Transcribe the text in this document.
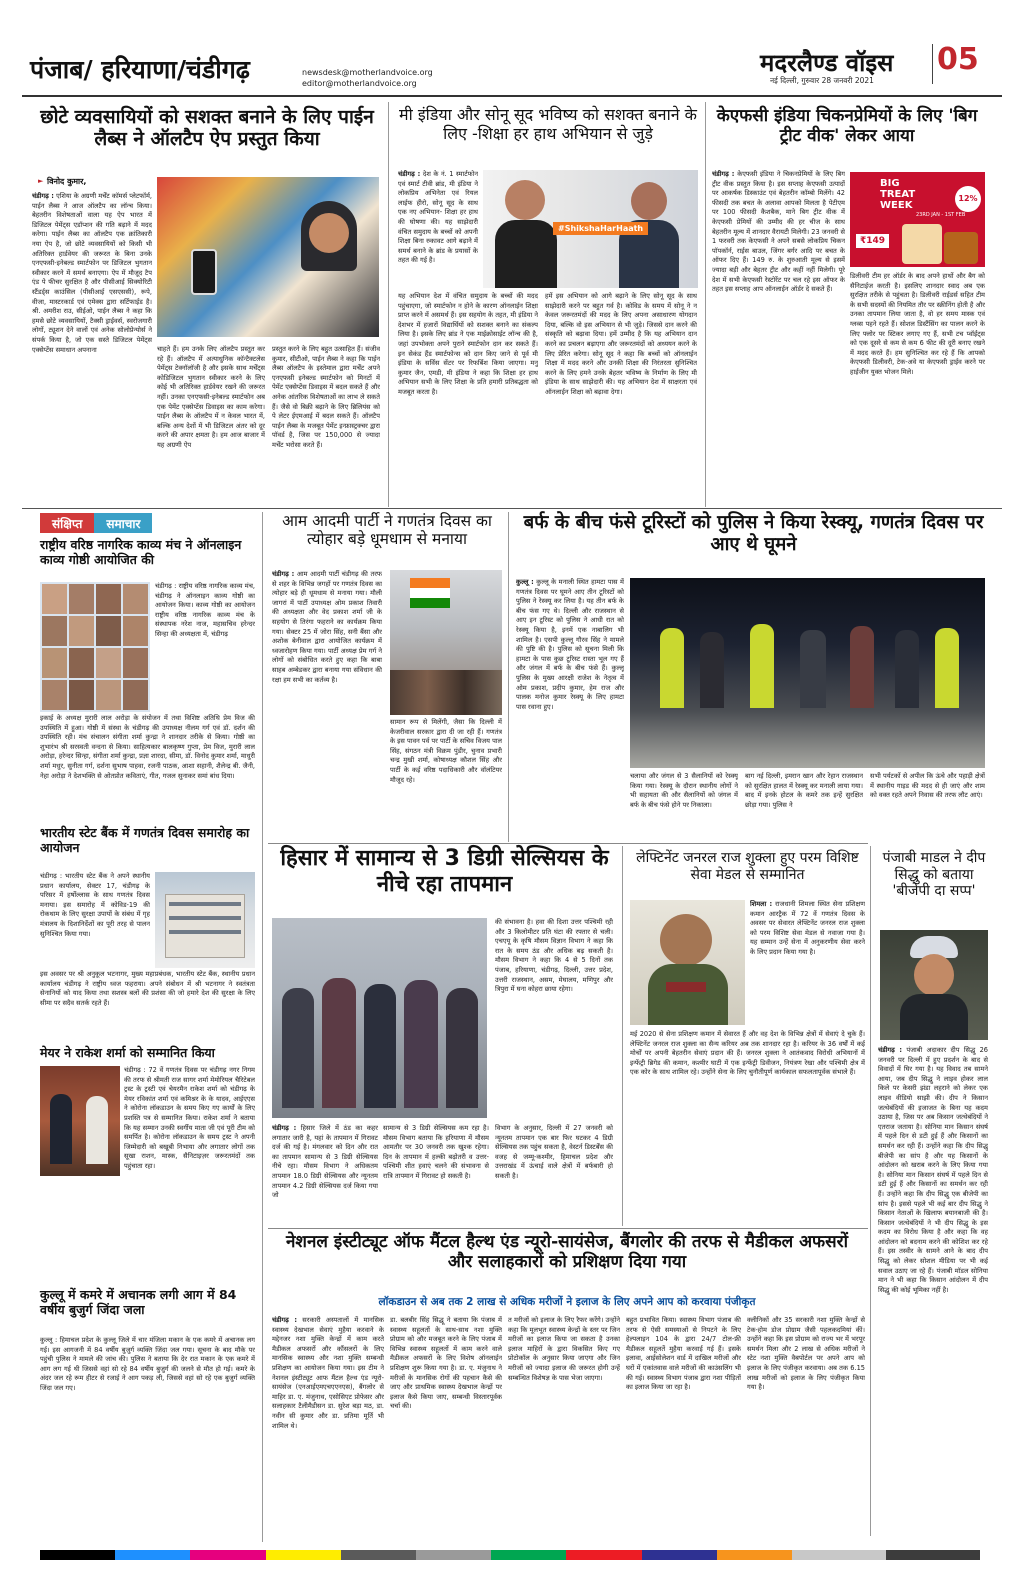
पंजाब/ हरियाणा/चंडीगढ़	newsdesk@motherlandvoice.org
editor@motherlandvoice.org
मदरलैण्ड वॉइस 05
नई दिल्ली, गुरुवार 28 जनवरी 2021
छोटे व्यवसायियों को सशक्त बनाने के लिए पाईन लैब्स ने ऑलटैप ऐप प्रस्तुत किया
► विनोद कुमार,
चंडीगढ़ : एशिया के अग्रणी मर्चेंट कॉमर्स प्लेटफॉर्म, पाईन लैब्स ने आज ऑलटैप का लॉन्च किया। बेहतरीन विशेषताओं वाला यह ऐप भारत में डिजिटल पेमेंट्स एडॉप्शन की गति बढ़ाने में मदद करेगा। पाईन लैब्स का ऑलटैप एक क्रांतिकारी नया ऐप है, जो छोटे व्यवसायियों को किसी भी अतिरिक्त हार्डवेयर की जरूरत के बिना उनके एनएफसी-इनेबल्ड स्मार्टफोन पर डिजिटल भुगतान स्वीकार करने में समर्थ बनाएगा। ऐप में मौजूद टैप एंड पे फीचर सुरक्षित है और पीसीआई सिक्योरिटी स्टैंडर्ड्स काउंसिल (पीसीआई एसएससी), रूपे, वीजा, मास्टरकार्ड एवं एमेक्स द्वारा सर्टिफाईड है। श्री. अमरीश राउ, सीईओ, पाईन लैब्स ने कहा कि हमसे छोटे व्यवसायियों, टैक्सी ड्राईवर्स, स्वरोजगारी लोगों, ट्यूशन देने वालों एवं अनेक सोलोप्रेन्योर्स ने संपर्क किया है, जो एक सस्ते डिजिटल पेमेंट्स एक्सेप्टेंस समाधान अपनाना	चाहते हैं। हम उनके लिए ऑलटैप प्रस्तुत कर रहे हैं। ऑलटैप में अत्याधुनिक कॉन्टैक्टलेस पेमेंट्स टेक्नॉलॉजी है और इसके साथ मर्चेंट्स कोडिजिटल भुगतान स्वीकार करने के लिए कोई भी अतिरिक्त हार्डवेयर रखने की जरूरत नहीं। उनका एनएफसी-इनेबल्ड स्मार्टफोन अब एक पेमेंट एक्सेप्टेंस डिवाइस का काम करेगा। पाईन लैब्स के ऑलटैप में न केवल भारत में, बल्कि अन्य देशों में भी डिजिटल अंतर को दूर करने की अपार क्षमता है। हम आज बाजार में यह अग्रणी ऐप
प्रस्तुत करने के लिए बहुत उत्साहित हैं। संजीव कुमार, सीटीओ, पाईन लैब्स ने कहा कि पाईन लैब्स ऑलटैप के इस्तेमाल द्वारा मर्चेंट अपने एनएफसी इनेबल्ड स्मार्टफोन को मिनटों में पेमेंट एक्सेप्टेंस डिवाइस में बदल सकते हैं और अनेक आंतरिक विशेषताओं का लाभ ले सकते हैं। जैसे वो बिक्री बढ़ाने के लिए ब्रिलियंस को पे लेटर ईएमआई में बदल सकते हैं। ऑलटैप पाईन लैब्स के मजबूत पेमेंट इन्फ्रास्ट्रक्चर द्वारा पॉवर्ड है, जिस पर 150,000 से ज्यादा मर्चेंट भरोसा करते हैं।
मी इंडिया और सोनू सूद भविष्य को सशक्त बनाने के लिए -शिक्षा हर हाथ अभियान से जुड़े
चंडीगढ़ : देश के नं. 1 स्मार्टफोन एवं स्मार्ट टीवी ब्रांड, मी इंडिया ने लोकप्रिय अभिनेता एवं रियल लाईफ हीरो, सोनू सूद के साथ एक नए अभियान- शिक्षा हर हाथ की घोषणा की। यह साझेदारी वंचित समुदाय के बच्चों को अपनी शिक्षा बिना रुकावट आगे बढ़ाने में समर्थ बनाने के ब्रांड के प्रयासों के तहत की गई है।
#ShikshaHarHaath
यह अभियान देश में वंचित समुदाय के बच्चों की मदद पहुंचाएगा, जो स्मार्टफोन न होने के कारण ऑनलाईन शिक्षा प्राप्त करने में असमर्थ हैं। इस सहयोग के तहत, मी इंडिया ने देशभर में हजारों विद्यार्थियों को सशक्त बनाने का संकल्प लिया है। इसके लिए ब्रांड ने एक माईक्रोसाईट लॉन्च की है, जहां उपभोक्ता अपने पुराने स्मार्टफोन दान कर सकते हैं। इन सेकंड हैंड स्मार्टफोन्स को दान किए जाने से पूर्व मी इंडिया के सर्विस सेंटर पर रिफर्बिश किया जाएगा। मनु कुमार जैन, एमडी, मी इंडिया ने कहा कि शिक्षा हर हाथ अभियान सभी के लिए शिक्षा के प्रति हमारी प्रतिबद्धता को मजबूत करता है।
हमें इस अभियान को आगे बढ़ाने के लिए सोनू सूद के साथ साझेदारी करने पर बहुत गर्व है। कोविड के समय में सोनू ने न केवल जरूरतमंदों की मदद के लिए अपना असाधारण योगदान दिया, बल्कि वो इस अभियान से भी जुड़े। जिससे दान करने की संस्कृति को बढ़ावा दिया। हमें उम्मीद है कि यह अभियान दान करने का प्रचलन बढ़ाएगा और जरूरतमंदों को अध्ययन करने के लिए प्रेरित करेगा। सोनू सूद ने कहा कि बच्चों को ऑनलाईन शिक्षा में मदद करने और उनकी शिक्षा की निरंतरता सुनिश्चित करने के लिए हमने उनके बेहतर भविष्य के निर्माण के लिए मी इंडिया के साथ साझेदारी की। यह अभियान देश में साक्षरता एवं ऑनलाईन शिक्षा को बढ़ावा देगा।
केएफसी इंडिया चिकनप्रेमियों के लिए 'बिग ट्रीट वीक' लेकर आया
चंडीगढ़ : केएफसी इंडिया ने चिकनप्रेमियों के लिए बिग ट्रीट वीक प्रस्तुत किया है। इस सप्ताह केएफसी उत्पादों पर आकर्षक डिस्काउंट एवं बेहतरीन कॉम्बो मिलेंगे। 42 फीसदी तक बचत के अलावा आपको मिलता है पेटीएम पर 100 फीसदी कैशबैक, माने बिग ट्रीट वीक में केएफसी प्रेमियों की उम्मीद की हर चीज के साथ बेहतरीन मूल्य में शानदार वैरायटी मिलेगी। 23 जनवरी से 1 फरवरी तक केएफसी ने अपने सबसे लोकप्रिय चिकन पॉपकॉर्न, राईस बाउल, जिंगर बर्गर आदि पर बचत के ऑफर दिए हैं। 149 रु. के शुरुआती मूल्य से इसमें ज्यादा बड़ी और बेहतर ट्रीट और कहीं नहीं मिलेगी। पूरे देश में सभी केएफसी रेस्टोरेंट पर चल रहे इस ऑफर के तहत इस सप्ताह आप ऑनलाईन ऑर्डर दे सकते हैं।
BIG
TREAT
WEEK
23RD JAN - 1ST FEB
₹149
12%
डिलीवरी टीम हर ऑर्डर के बाद अपने हाथों और बैग को सैनिटाईज करती है। इसलिए शानदार स्वाद अब एक सुरक्षित तरीके से पहुंचता है। डिलीवरी राईडर्स सहित टीम के सभी सदस्यों की नियमित तौर पर स्क्रीनिंग होती है और उनका तापमान लिया जाता है, वो हर समय मास्क एवं ग्लव्स पहने रहते हैं। सोशल डिस्टैंसिंग का पालन करने के लिए फ्लोर पर स्टिकर लगाए गए हैं, सभी टच प्वॉईंट्स को एक दूसरे से कम से कम 6 फीट की दूरी बनाए रखने में मदद करते हैं। हम सुनिश्चित कर रहे हैं कि आपको केएफसी डिलीवरी, टेक-अवे या केएफसी ड्राईव करने पर हाईजीन युक्त भोजन मिले।
संक्षिप्त	समाचार
राष्ट्रीय वरिष्ठ नागरिक काव्य मंच ने ऑनलाइन काव्य गोष्ठी आयोजित की
चंडीगढ़ : राष्ट्रीय वरिष्ठ नागरिक काव्य मंच, चंडीगढ़ ने ऑनलाइन काव्य गोष्ठी का आयोजन किया। काव्य गोष्ठी का आयोजन राष्ट्रीय वरिष्ठ नागरिक काव्य मंच के संस्थापक नरेश नाज, महासचिव हरेन्दर सिन्हा की अध्यक्षता में, चंडीगढ़
इकाई के अध्यक्ष मुरारी लाल अरोड़ा के संयोजन में तथा विशिष्ट अतिथि प्रेम विज की उपस्थिति में हुआ। गोष्ठी में संस्था के चंडीगढ़ की उपाध्यक्ष नीलम गर्ग एवं डॉ. दर्शन की उपस्थिति रही। मंच संचालन संगीता शर्मा कुन्द्रा ने शानदार तरीके से किया। गोष्ठी का शुभारंभ श्री सरस्वती वन्दना से किया। साहित्यकार बालकृष्ण गुप्ता, प्रेम विज, मुरारी लाल अरोड़ा, हरेन्दर सिन्हा, संगीता शर्मा कुन्द्रा, प्रज्ञा शारदा, सीमा, डॉ. विनोद कुमार शर्मा, माधुरी शर्मा मधुर, सुनीता गर्ग, दर्शना सुभाष पाहवा, रजनी पाठक, आशा सहानी, शैलेन्द्र बी. जैनी, नेहा अरोड़ा ने देशभक्ति से ओतप्रोत कविताएं, गीत, गजल सुनाकर समां बांध दिया।
भारतीय स्टेट बैंक में गणतंत्र दिवस समारोह का आयोजन
चंडीगढ़ : भारतीय स्टेट बैंक ने अपने स्थानीय प्रधान कार्यालय, सेक्टर 17, चंडीगढ़ के परिसर में हर्षोल्लास के साथ गणतंत्र दिवस मनाया। इस समारोह में कोविड-19 की रोकथाम के लिए सुरक्षा उपायों के संबंध में गृह मंत्रालय के दिशानिर्देशों का पूरी तरह से पालन सुनिश्चित किया गया।
इस अवसर पर श्री अनुकूल भटनागर, मुख्य महाप्रबंधक, भारतीय स्टेट बैंक, स्थानीय प्रधान कार्यालय चंडीगढ़ ने राष्ट्रीय ध्वज फहराया। अपने संबोधन में श्री भटनागर ने स्वतंत्रता सेनानियों को याद किया तथा सशस्त्र बलों की प्रशंसा की जो हमारे देश की सुरक्षा के लिए सीमा पर सदैव सतर्क रहते हैं।
मेयर ने राकेश शर्मा को सम्मानित किया
चंडीगढ़ : 72 वें गणतंत्र दिवस पर चंडीगढ़ नगर निगम की तरफ से श्रीमती राज सागर शर्मा मेमोरियल चैरिटेबल ट्रस्ट के ट्रस्टी एवं चेयरमैन राकेश शर्मा को चंडीगढ़ के मेयर रविकांत शर्मा एवं कमिश्नर के के यादव, आईएएस ने कोरोना लॉकडाउन के समय किए गए कार्यों के लिए प्रशस्ति पत्र से सम्मानित किया। राकेश शर्मा ने बताया कि यह सम्मान उनकी स्वर्गीय माता जी एवं पूरी टीम को समर्पित है। कोरोना लॉकडाउन के समय ट्रस्ट ने अपनी जिम्मेदारी को बखूबी निभाया और लगातार लोगों तक सूखा राशन, मास्क, सैनिटाइज़र जरूरतमंदों तक पहुंचाता रहा।
कुल्लू में कमरे में अचानक लगी आग में 84 वर्षीय बुजुर्ग जिंदा जला
कुल्लू : हिमाचल प्रदेश के कुल्लू जिले में चार मंजिला मकान के एक कमरे में अचानक लग गई। इस आगजनी में 84 वर्षीय बुजुर्ग व्यक्ति जिंदा जल गया। सूचना के बाद मौके पर पहुंची पुलिस ने मामले की जांच की। पुलिस ने बताया कि देर रात मकान के एक कमरे में आग लग गई थी जिससे वहां सो रहे 84 वर्षीय बुजुर्ग की जलने से मौत हो गई। कमरे के अंदर जल रहे रूम हीटर से रजाई ने आग पकड़ ली, जिससे वहां सो रहे एक बुजुर्ग व्यक्ति जिंदा जल गए।
आम आदमी पार्टी ने गणतंत्र दिवस का त्योहार बड़े धूमधाम से मनाया
चंडीगढ़ : आम आदमी पार्टी चंडीगढ़ की तरफ से शहर के विभिन्न जगहों पर गणतंत्र दिवस का त्योहार बड़े ही धूमधाम से मनाया गया। मौली जागरां में पार्टी उपाध्यक्ष ओम प्रकाश तिवारी की अध्यक्षता और वेद प्रकाश शर्मा जी के सहयोग से तिरंगा फहराने का कार्यक्रम किया गया। सेक्टर 25 में जोरा सिंह, सनी बैंसा और अशोक बेनीवाल द्वारा आयोजित कार्यक्रम में ध्वजारोहण किया गया। पार्टी अध्यक्ष प्रेम गर्ग ने लोगों को संबोधित करते हुए कहा कि बाबा साहब अम्बेडकर द्वारा बनाया गया संविधान की रक्षा हम सभी का कर्तव्य है।
सामान रूप से मिलेंगी, जैसा कि दिल्ली में केजरीवाल सरकार द्वारा दी जा रही हैं। गणतंत्र के इस पावन पर्व पर पार्टी के सचिव विजय पाल सिंह, संगठन मंत्री विक्रम पुंडीर, चुनाव प्रभारी चन्द्र मुखी शर्मा, कोषाध्यक्ष कौशल सिंह और पार्टी के कई वरिष्ठ पदाधिकारी और वॉलंटियर मौजूद रहे।
बर्फ के बीच फंसे टूरिस्टों को पुलिस ने किया रेस्क्यू, गणतंत्र दिवस पर आए थे घूमने
कुल्लू : कुल्लू के मनाली स्थित हामटा पास में गणतंत्र दिवस पर घूमने आए तीन टूरिस्टों को पुलिस ने रेस्क्यू कर लिया है। यह तीन बर्फ के बीच फंस गए थे। दिल्ली और राजस्थान से आए इन टूरिस्ट को पुलिस ने आधी रात को रेस्क्यू किया है, इनमें एक नाबालिग भी शामिल है। एसपी कुल्लू गौरव सिंह ने मामले की पुष्टि की है। पुलिस को सूचना मिली कि हामटा के पास कुछ टूरिस्ट रास्ता भूल गए हैं और जंगल में बर्फ के बीच फंसे हैं। कुल्लू पुलिस के मुख्य आरक्षी राजेश के नेतृत्व में ओम प्रकाश, प्रदीप कुमार, हेम राज और पालक मनोज कुमार रेस्क्यू के लिए हामटा पास रवाना हुए।
चलाया और जंगल से 3 सैलानियों को रेस्क्यू किया गया। रेस्क्यू के दौरान स्थानीय लोगों ने भी सहायता की और सैलानियों को जंगल में बर्फ के बीच फंसे होने पर निकाला।
बाग नई दिल्ली, इमरान खान और रेहान राजस्थान को सुरक्षित हालत में रेस्क्यू कर मनाली लाया गया। बाद में इनके होटल के कमरे तक इन्हें सुरक्षित छोड़ा गया। पुलिस ने
सभी पर्यटकों से अपील कि ऊंचे और पहाड़ी क्षेत्रों में स्थानीय गाइड की मदद से ही जाएं और शाम को वक्त रहते अपने निवास की तरफ लौट आएं।
हिसार में सामान्य से 3 डिग्री सेल्सियस के नीचे रहा तापमान
चंडीगढ़ : हिसार जिले में ठंड का कहर लगातार जारी है, यहां के तापमान में गिरावट दर्ज की गई है। मंगलवार को दिन और रात का तापमान सामान्य से 3 डिग्री सेल्सियस नीचे रहा। मौसम विभाग ने अधिकतम तापमान 18.0 डिग्री सेल्सियस और न्यूनतम तापमान 4.2 डिग्री सेल्सियस दर्ज किया गया जो
सामान्य से 3 डिग्री सेल्सियस कम रहा है। मौसम विभाग बताया कि हरियाणा में मौसम आमतौर पर 30 जनवरी तक खुश्क रहेगा। दिन के तापमान में हल्की बढ़ोतरी व उत्तर-पश्चिमी शीत हवाएं चलने की संभावना से रात्रि तापमान में गिरावट हो सकती है।
की संभावना है। हवा की दिशा उत्तर पश्चिमी रही और 3 किलोमीटर प्रति घंटा की रफ्तार से चली। एचएयू के कृषि मौसम विज्ञान विभाग ने कहा कि रात के समय ठंड और अधिक बढ़ सकती है। मौसम विभाग ने कहा कि 4 से 5 दिनों तक पंजाब, हरियाणा, चंडीगढ़, दिल्ली, उत्तर प्रदेश, उत्तरी राजस्थान, असम, मेघालय, मणिपुर और त्रिपुरा में घना कोहरा छाया रहेगा।
विभाग के अनुसार, दिल्ली में 27 जनवरी को न्यूनतम तापमान एक बार फिर घटकर 4 डिग्री सेल्सियस तक पहुंच सकता है, वेस्टर्न डिस्टर्बेंस की वजह से जम्मू-कश्मीर, हिमाचल प्रदेश और उत्तराखंड में ऊंचाई वाले क्षेत्रों में बर्फबारी हो सकती है।
लेफ्टिनेंट जनरल राज शुक्ला हुए परम विशिष्ट सेवा मेडल से सम्मानित
शिमला : राजधानी शिमला स्थित सेना प्रशिक्षण कमान आरट्रैक में 72 वें गणतंत्र दिवस के अवसर पर सेवारत लेफ्टिनेंट जनरल राज शुक्ला को परम विशिष्ट सेवा मेडल से नवाजा गया है। यह सम्मान उन्हें सेना में अनुकरणीय सेवा करने के लिए प्रदान किया गया है।
मई 2020 से सेना प्रशिक्षण कमान में सेवारत हैं और वह देश के विभिन्न क्षेत्रों में सेवाएं दे चुके हैं। लेफ्टिनेंट जनरल राज शुक्ला का सैन्य करियर अब तक शानदार रहा है। करियर के 36 वर्षों में कई मोर्चों पर अपनी बेहतरीन सेवाएं प्रदान की हैं। जनरल शुक्ला ने आतंकवाद विरोधी अभियानों में इन्फेंट्री ब्रिगेड की कमान, कश्मीर घाटी में एक इन्फेंट्री डिवीजन, नियंत्रण रेखा और पश्चिमी क्षेत्र में एक कोर के साथ शामिल रहे। उन्होंने सेना के लिए चुनौतीपूर्ण कार्यकाल सफलतापूर्वक संभाले हैं।
पंजाबी माडल ने दीप सिद्धु को बताया 'बीजेपी दा सप्प'
चंडीगढ़ : पंजाबी अदाकार दीप सिद्धु 26 जनवरी पर दिल्ली में हुए प्रदर्शन के बाद से विवादों में घिर गया है। यह विवाद तब सामने आया, जब दीप सिद्धु ने लाइव होकर लाल किले पर केसरी झंडा लहराने को लेकर एक लाइव वीडियो साझी की। दीप ने किसान जत्थेबंदियों की इजाजत के बिना यह कदम उठाया है, जिस पर अब किसान जत्थेबंदियों ने एतराज जताया है। सोनिया मान किसान संघर्ष में पहले दिन से डटी हुई हैं और किसानों का समर्थन कर रही हैं। उन्होंने कहा कि दीप सिद्धु बीजेपी का सांप है और यह किसानों के आंदोलन को खराब करने के लिए किया गया है। सोनिया मान किसान संघर्ष में पहले दिन से डटी हुई हैं और किसानों का समर्थन कर रही हैं। उन्होंने कहा कि दीप सिद्धु एक बीजेपी का सांप है। इससे पहले भी कई बार दीप सिद्धु ने किसान नेताओं के खिलाफ बयानबाजी की है। किसान जत्थेबंदियों ने भी दीप सिद्धु के इस कदम का विरोध किया है और कहा कि वह आंदोलन को बदनाम करने की कोशिश कर रहे हैं। इस तस्वीर के सामने आने के बाद दीप सिद्धु को लेकर सोशल मीडिया पर भी कई सवाल उठाए जा रहे हैं। पंजाबी मॉडल सोनिया मान ने भी कहा कि किसान आंदोलन में दीप सिद्धु की कोई भूमिका नहीं है।
नेशनल इंस्टीट्यूट ऑफ मैंटल हैल्थ एंड न्यूरो-सायंसेज, बैंगलोर की तरफ से मैडीकल अफसरों और सलाहकारों को प्रशिक्षण दिया गया
लॉकडाउन से अब तक 2 लाख से अधिक मरीजों ने इलाज के लिए अपने आप को करवाया पंजीकृत
चंडीगढ़ : सरकारी अस्पतालों में मानसिक स्वास्थ्य देखभाल सेवाएं मुहैया करवाने के मद्देनजर नशा मुक्ति केन्द्रों में काम करते मैडीकल अफसरों और कौंसलरों के लिए मानसिक स्वास्थ्य और नशा मुक्ति सम्बन्धी प्रशिक्षण का आयोजन किया गया। इस टीम ने नेशनल इंस्टीट्यूट आफ मैंटल हैल्थ एंड न्यूरो-सायंसेज (एनआईएमएचएएनएस), बैंगलोर से माहिर डा. ए. मंजुनाथ, एसोसिएट प्रोफेसर और सलाहकार टैलीमैडीसन डा. सुरेश बड़ा मठ, डा. नवीन सी कुमार और डा. प्रतिमा मूर्ति भी शामिल थे।
डा. बलबीर सिंह सिद्धू ने बताया कि पंजाब में स्वास्थ्य सहूलतों के साथ-साथ नशा मुक्ति प्रोग्राम को और मजबूत करने के लिए पंजाब में विभिन्न स्वास्थ्य सहूलतों में काम करने वाले मैडीकल अफसरों के लिए विशेष ऑनलाईन प्रशिक्षण शुरू किया गया है। डा. ए. मंजुनाथ ने मरीजों के मानसिक रोगों की पहचान कैसे की जाए और प्राथमिक स्वास्थ्य देखभाल केन्द्रों पर इलाज कैसे किया जाए, सम्बन्धी विस्तारपूर्वक चर्चा की।
त मरीजों को इलाज के लिए रैफर करेंगे। उन्होंने कहा कि मूलभूत स्वास्थ्य केन्द्रों के स्तर पर जिन मरीजों का इलाज किया जा सकता है उनका इलाज माहिरों के द्वारा विकसित किए गए प्रोटोकॉल के अनुसार किया जाएगा और जिन मरीजों को ज्यादा इलाज की जरूरत होगी उन्हें सम्बन्धित विशेषज्ञ के पास भेजा जाएगा।
बहुत प्रभावित किया। स्वास्थ्य विभाग पंजाब की तरफ से ऐसी समस्याओं से निपटने के लिए हेल्पलाइन 104 के द्वारा 24/7 टोल-फ्री मैडीकल सहूलतें मुहैया करवाई गई हैं। इसके इलावा, आईसोलेशन वार्ड में दाखिल मरीजों और घरों में एकांतवास वाले मरीजों की काउंसलिंग भी की गई। स्वास्थ्य विभाग पंजाब द्वारा नशा पीड़ितों का इलाज किया जा रहा है।
क्लीनिकों और 35 सरकारी नशा मुक्ति केन्द्रों से टेक-होम डोज प्रोग्राम जैसी पहलकदमियां कीं। उन्होंने कहा कि इस प्रोग्राम को राज्य भर में भरपूर समर्थन मिला और 2 लाख से अधिक मरीजों ने स्टेट नशा मुक्ति वैबपोर्टल पर अपने आप को इलाज के लिए पंजीकृत करवाया। अब तक 6.15 लाख मरीजों को इलाज के लिए पंजीकृत किया गया है।
